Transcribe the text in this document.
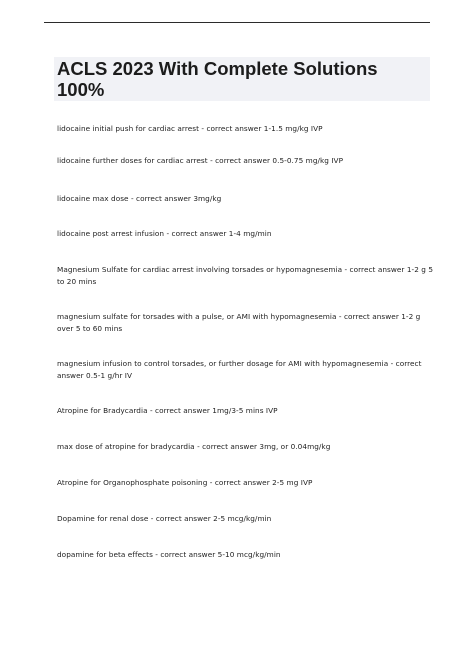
ACLS 2023 With Complete Solutions 100%

lidocaine initial push for cardiac arrest - correct answer 1-1.5 mg/kg IVP

lidocaine further doses for cardiac arrest - correct answer 0.5-0.75 mg/kg IVP

lidocaine max dose - correct answer 3mg/kg

lidocaine post arrest infusion - correct answer 1-4 mg/min

Magnesium Sulfate for cardiac arrest involving torsades or hypomagnesemia - correct answer 1-2 g 5 to 20 mins

magnesium sulfate for torsades with a pulse, or AMI with hypomagnesemia - correct answer 1-2 g over 5 to 60 mins

magnesium infusion to control torsades, or further dosage for AMI with hypomagnesemia - correct answer 0.5-1 g/hr IV

Atropine for Bradycardia - correct answer 1mg/3-5 mins IVP

max dose of atropine for bradycardia - correct answer 3mg, or 0.04mg/kg

Atropine for Organophosphate poisoning - correct answer 2-5 mg IVP

Dopamine for renal dose - correct answer 2-5 mcg/kg/min

dopamine for beta effects - correct answer 5-10 mcg/kg/min
